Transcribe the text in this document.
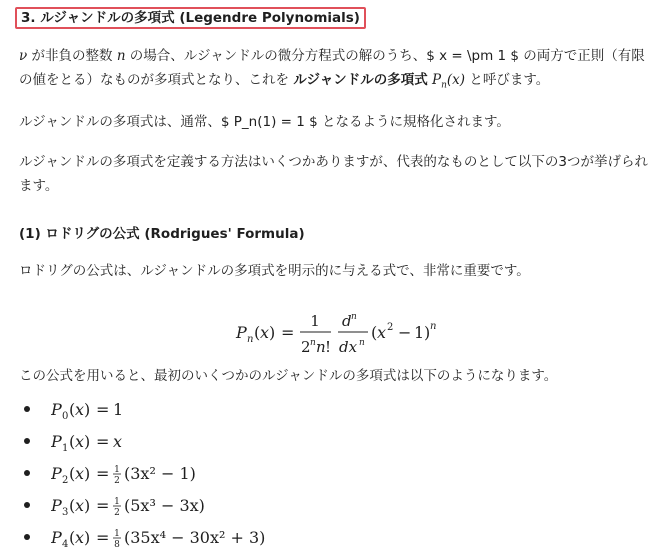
3. ルジャンドルの多項式 (Legendre Polynomials)

ν が非負の整数 n の場合、ルジャンドルの微分方程式の解のうち、$ x = \pm 1 $ の両方で正則（有限の値をとる）なものが多項式となり、これを ルジャンドルの多項式 $P_n(x)$ と呼びます。

ルジャンドルの多項式は、通常、$ P_n(1) = 1 $ となるように規格化されます。

ルジャンドルの多項式を定義する方法はいくつかありますが、代表的なものとして以下の3つが挙げられます。

(1) ロドリグの公式 (Rodrigues' Formula)

ロドリグの公式は、ルジャンドルの多項式を明示的に与える式で、非常に重要です。

P n ( x ) =
1
2 n n !
d n
dx n
( x 2 − 1 ) n

この公式を用いると、最初のいくつかのルジャンドルの多項式は以下のようになります。

P 0 ( x ) = 1
P 1 ( x ) = x
P 2 ( x ) = 1
2 (3x² − 1)
P 3 ( x ) = 1
2 (5x³ − 3x)
P 4 ( x ) = 1
8 (35x⁴ − 30x² + 3)
